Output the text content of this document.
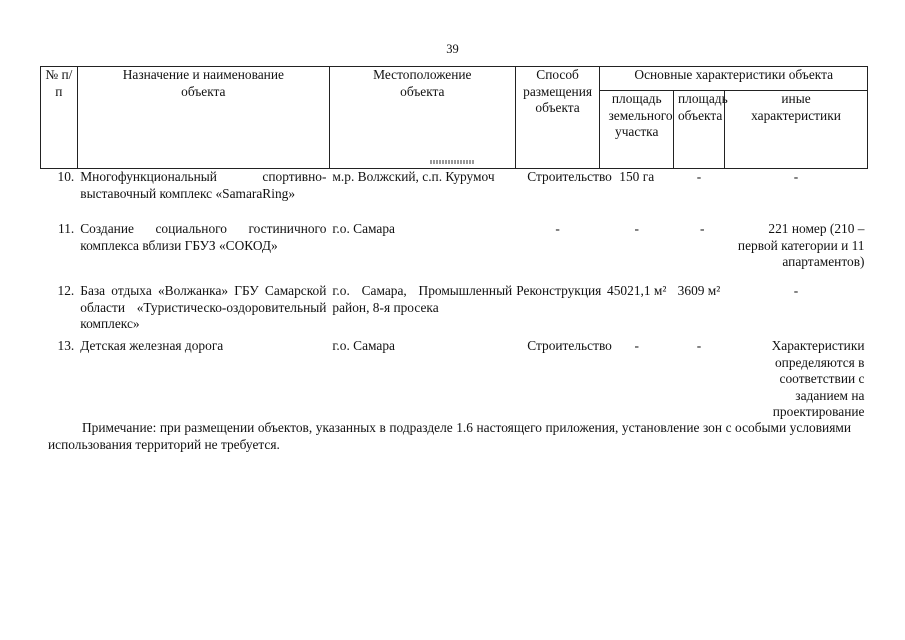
39
№ п/п	Назначение и наименование объекта	Местоположение объекта	Способ размещения объекта	Основные характеристики объекта		
				площадь земельного участка	площадь объекта	иные характеристики
10.	Многофункциональный спортивно-выставочный комплекс «SamaraRing»	м.р. Волжский, с.п. Курумоч	Строительство	150 га	-	-
11.	Создание социального гостиничного комплекса вблизи ГБУЗ «СОКОД»	г.о. Самара	-	-	-	221 номер (210 – первой категории и 11 апартаментов)
12.	База отдыха «Волжанка» ГБУ Самарской области «Туристическо-оздоровительный комплекс»	г.о. Самара, Промышленный район, 8-я просека	Реконструкция	45021,1 м²	3609 м²	-
13.	Детская железная дорога	г.о. Самара	Строительство	-	-	Характеристики определяются в соответствии с заданием на проектирование
Примечание: при размещении объектов, указанных в подразделе 1.6 настоящего приложения, установление зон с особыми условиями использования территорий не требуется.
